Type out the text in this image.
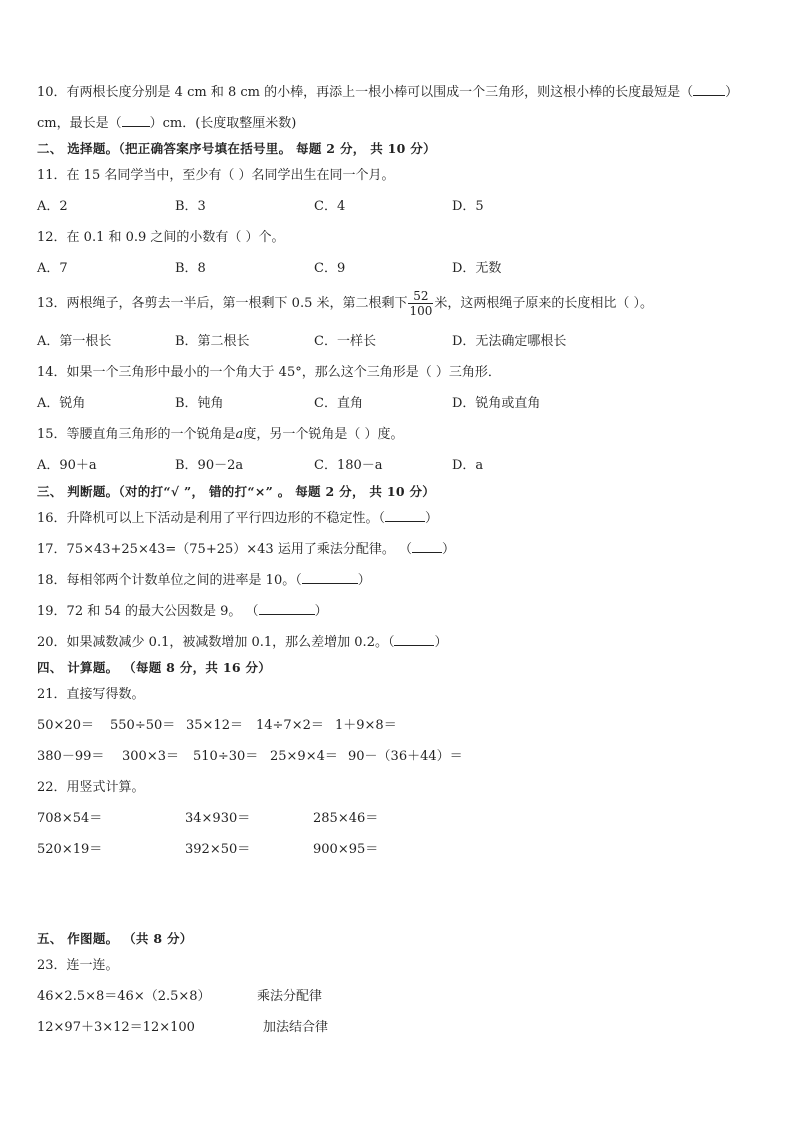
10．有两根长度分别是 4 cm 和 8 cm 的小棒，再添上一根小棒可以围成一个三角形，则这根小棒的长度最短是（ ）
cm，最长是（ ）cm．(长度取整厘米数)
二、 选择题。（把正确答案序号填在括号里。 每题 2 分， 共 10 分）
11．在 15 名同学当中，至少有（ ）名同学出生在同一个月。
A．2	B．3	C．4	D．5
12．在 0.1 和 0.9 之间的小数有（ ）个。
A．7	B．8	C．9	D．无数
13．两根绳子，各剪去一半后，第一根剩下 0.5 米，第二根剩下 $\frac{52}{100}$ 米，这两根绳子原来的长度相比（ ）。
A．第一根长	B．第二根长	C．一样长	D．无法确定哪根长
14．如果一个三角形中最小的一个角大于 45°，那么这个三角形是（ ）三角形．
A．锐角	B．钝角	C．直角	D．锐角或直角
15．等腰直角三角形的一个锐角是a度，另一个锐角是（ ）度。
A．90＋a	B．90－2a	C．180－a	D．a
三、 判断题。（对的打“√ ”， 错的打“×” 。 每题 2 分， 共 10 分）
16．升降机可以上下活动是利用了平行四边形的不稳定性。（	）
17．75×43+25×43=（75+25）×43 运用了乘法分配律。 （ ）
18．每相邻两个计数单位之间的进率是 10。（	）
19．72 和 54 的最大公因数是 9。 （	）
20．如果减数减少 0.1，被减数增加 0.1，那么差增加 0.2。（	）
四、 计算题。 （每题 8 分，共 16 分）
21．直接写得数。
50×20＝ 550÷50＝ 35×12＝ 14÷7×2＝ 1＋9×8＝
380－99＝ 300×3＝ 510÷30＝ 25×9×4＝ 90－（36＋44）＝
22．用竖式计算。
708×54＝	34×930＝	285×46＝
520×19＝	392×50＝	900×95＝
五、 作图题。 （共 8 分）
23．连一连。
46×2.5×8＝46×（2.5×8）	乘法分配律
12×97＋3×12＝12×100	加法结合律
